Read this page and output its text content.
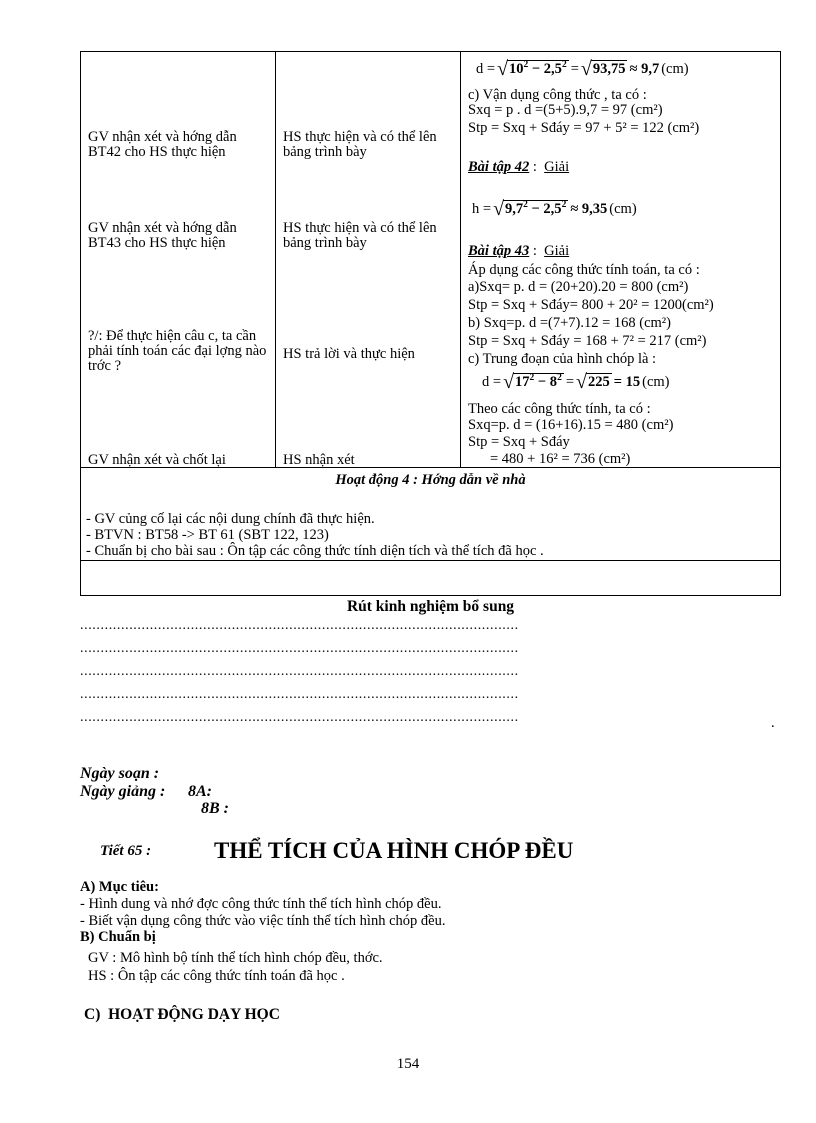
GV nhận xét và hớng dẫn BT42 cho HS thực hiện
GV nhận xét và hớng dẫn BT43 cho HS thực hiện
?/: Để thực hiện câu c, ta cần phải tính toán các đại lợng nào trớc ?
GV nhận xét và chốt lại
HS thực hiện và có thể lên bảng trình bày
HS thực hiện và có thể lên bảng trình bày
HS trả lời và thực hiện
HS nhận xét
d = √ $10^2 - 2,5^2$ = √ 93,75 ≈ 9,7 (cm)
c) Vận dụng công thức , ta có :
Sxq = p . d =(5+5).9,7 = 97 (cm²)
Stp = Sxq + Sđáy = 97 + 5² = 122 (cm²)
Bài tập 42 :  Giải
h = √ $9,7^2 - 2,5^2 \approx 9,35$ (cm)
Bài tập 43 :  Giải
Áp dụng các công thức tính toán, ta có :
a)Sxq= p. d = (20+20).20 = 800 (cm²)
Stp = Sxq + Sđáy= 800 + 20² = 1200(cm²)
b) Sxq=p. d =(7+7).12 = 168 (cm²)
Stp = Sxq + Sđáy = 168 + 7² = 217 (cm²)
c) Trung đoạn của hình chóp là :
d = √ $17^2 - 8^2$ = √ 225 = 15 (cm)
Theo các công thức tính, ta có :
Sxq=p. d = (16+16).15 = 480 (cm²)
Stp = Sxq + Sđáy
= 480 + 16² = 736 (cm²)
Hoạt động 4 : Hớng dẫn về nhà
- GV củng cố lại các nội dung chính đã thực hiện.
- BTVN : BT58 -> BT 61 (SBT 122, 123)
- Chuẩn bị cho bài sau : Ôn tập các công thức tính diện tích và thể tích đã học .
Rút kinh nghiệm bổ sung
...........................................................................................................
...........................................................................................................
...........................................................................................................
...........................................................................................................
...........................................................................................................	.
Ngày soạn :
Ngày giảng : 8A:
8B :
Tiết 65 :	THỂ TÍCH CỦA HÌNH CHÓP ĐỀU
A) Mục tiêu:
- Hình dung và nhớ đợc công thức tính thể tích hình chóp đều.
- Biết vận dụng công thức vào việc tính thể tích hình chóp đều.
B) Chuẩn bị
GV : Mô hình bộ tính thể tích hình chóp đều, thớc.
HS : Ôn tập các công thức tính toán đã học .
C)  HOẠT ĐỘNG DẠY HỌC
154
